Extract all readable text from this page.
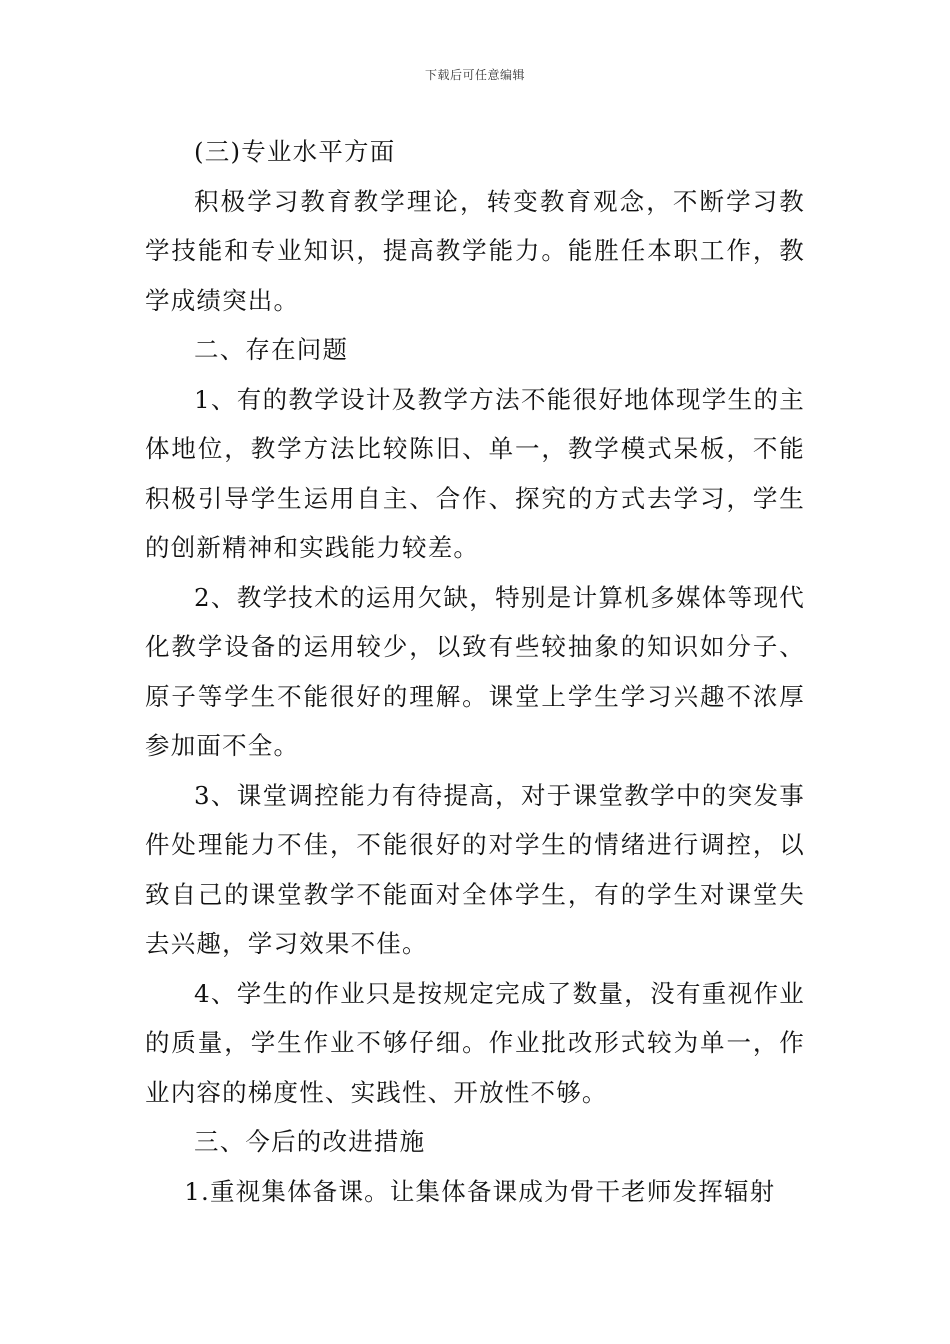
下载后可任意编辑

(三)专业水平方面

积极学习教育教学理论，转变教育观念，不断学习教学技能和专业知识，提高教学能力。能胜任本职工作，教学成绩突出。

二、存在问题

1、有的教学设计及教学方法不能很好地体现学生的主体地位，教学方法比较陈旧、单一，教学模式呆板，不能积极引导学生运用自主、合作、探究的方式去学习，学生的创新精神和实践能力较差。

2、教学技术的运用欠缺，特别是计算机多媒体等现代化教学设备的运用较少，以致有些较抽象的知识如分子、原子等学生不能很好的理解。课堂上学生学习兴趣不浓厚参加面不全。

3、课堂调控能力有待提高，对于课堂教学中的突发事件处理能力不佳，不能很好的对学生的情绪进行调控，以致自己的课堂教学不能面对全体学生，有的学生对课堂失去兴趣，学习效果不佳。

4、学生的作业只是按规定完成了数量，没有重视作业的质量，学生作业不够仔细。作业批改形式较为单一，作业内容的梯度性、实践性、开放性不够。

三、今后的改进措施

1.重视集体备课。让集体备课成为骨干老师发挥辐射
